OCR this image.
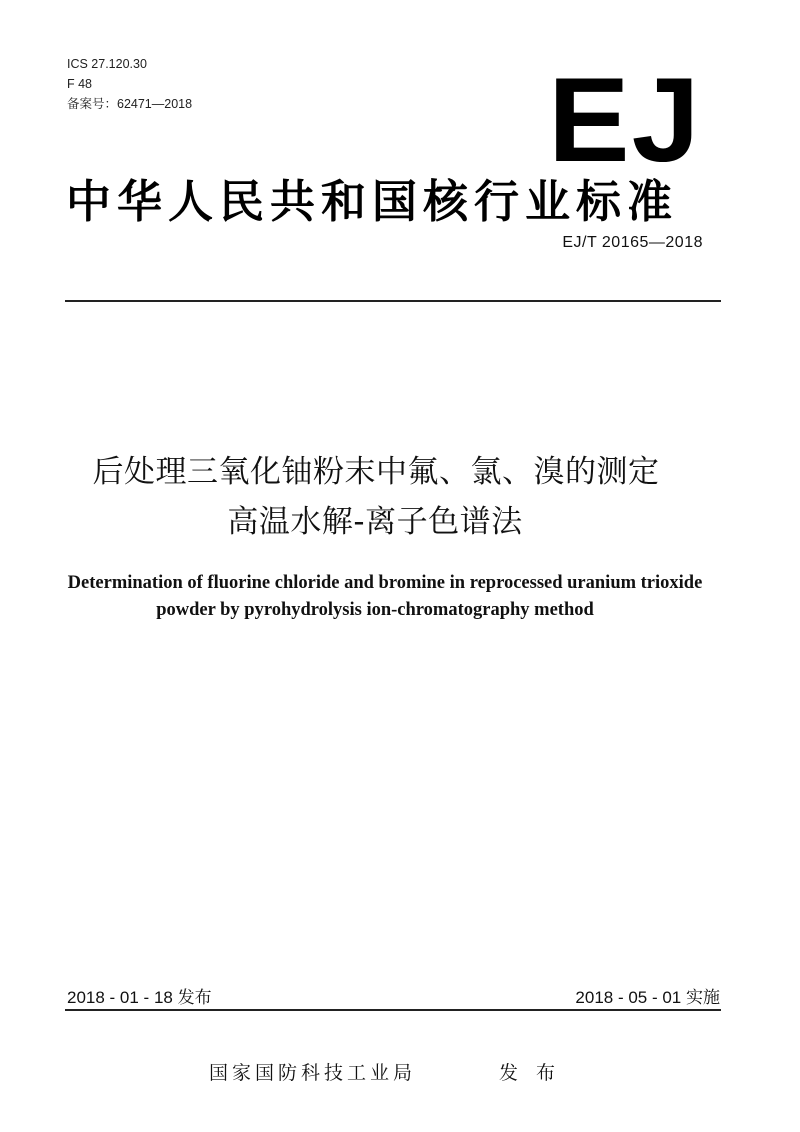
ICS 27.120.30
F 48
备案号：62471—2018	EJ
中华人民共和国核行业标准
EJ/T 20165—2018
后处理三氧化铀粉末中氟、氯、溴的测定
高温水解-离子色谱法
Determination of fluorine chloride and bromine in reprocessed uranium trioxide
powder by pyrohydrolysis ion-chromatography method
2018 - 01 - 18 发布	2018 - 05 - 01 实施
国家国防科技工业局	发 布
